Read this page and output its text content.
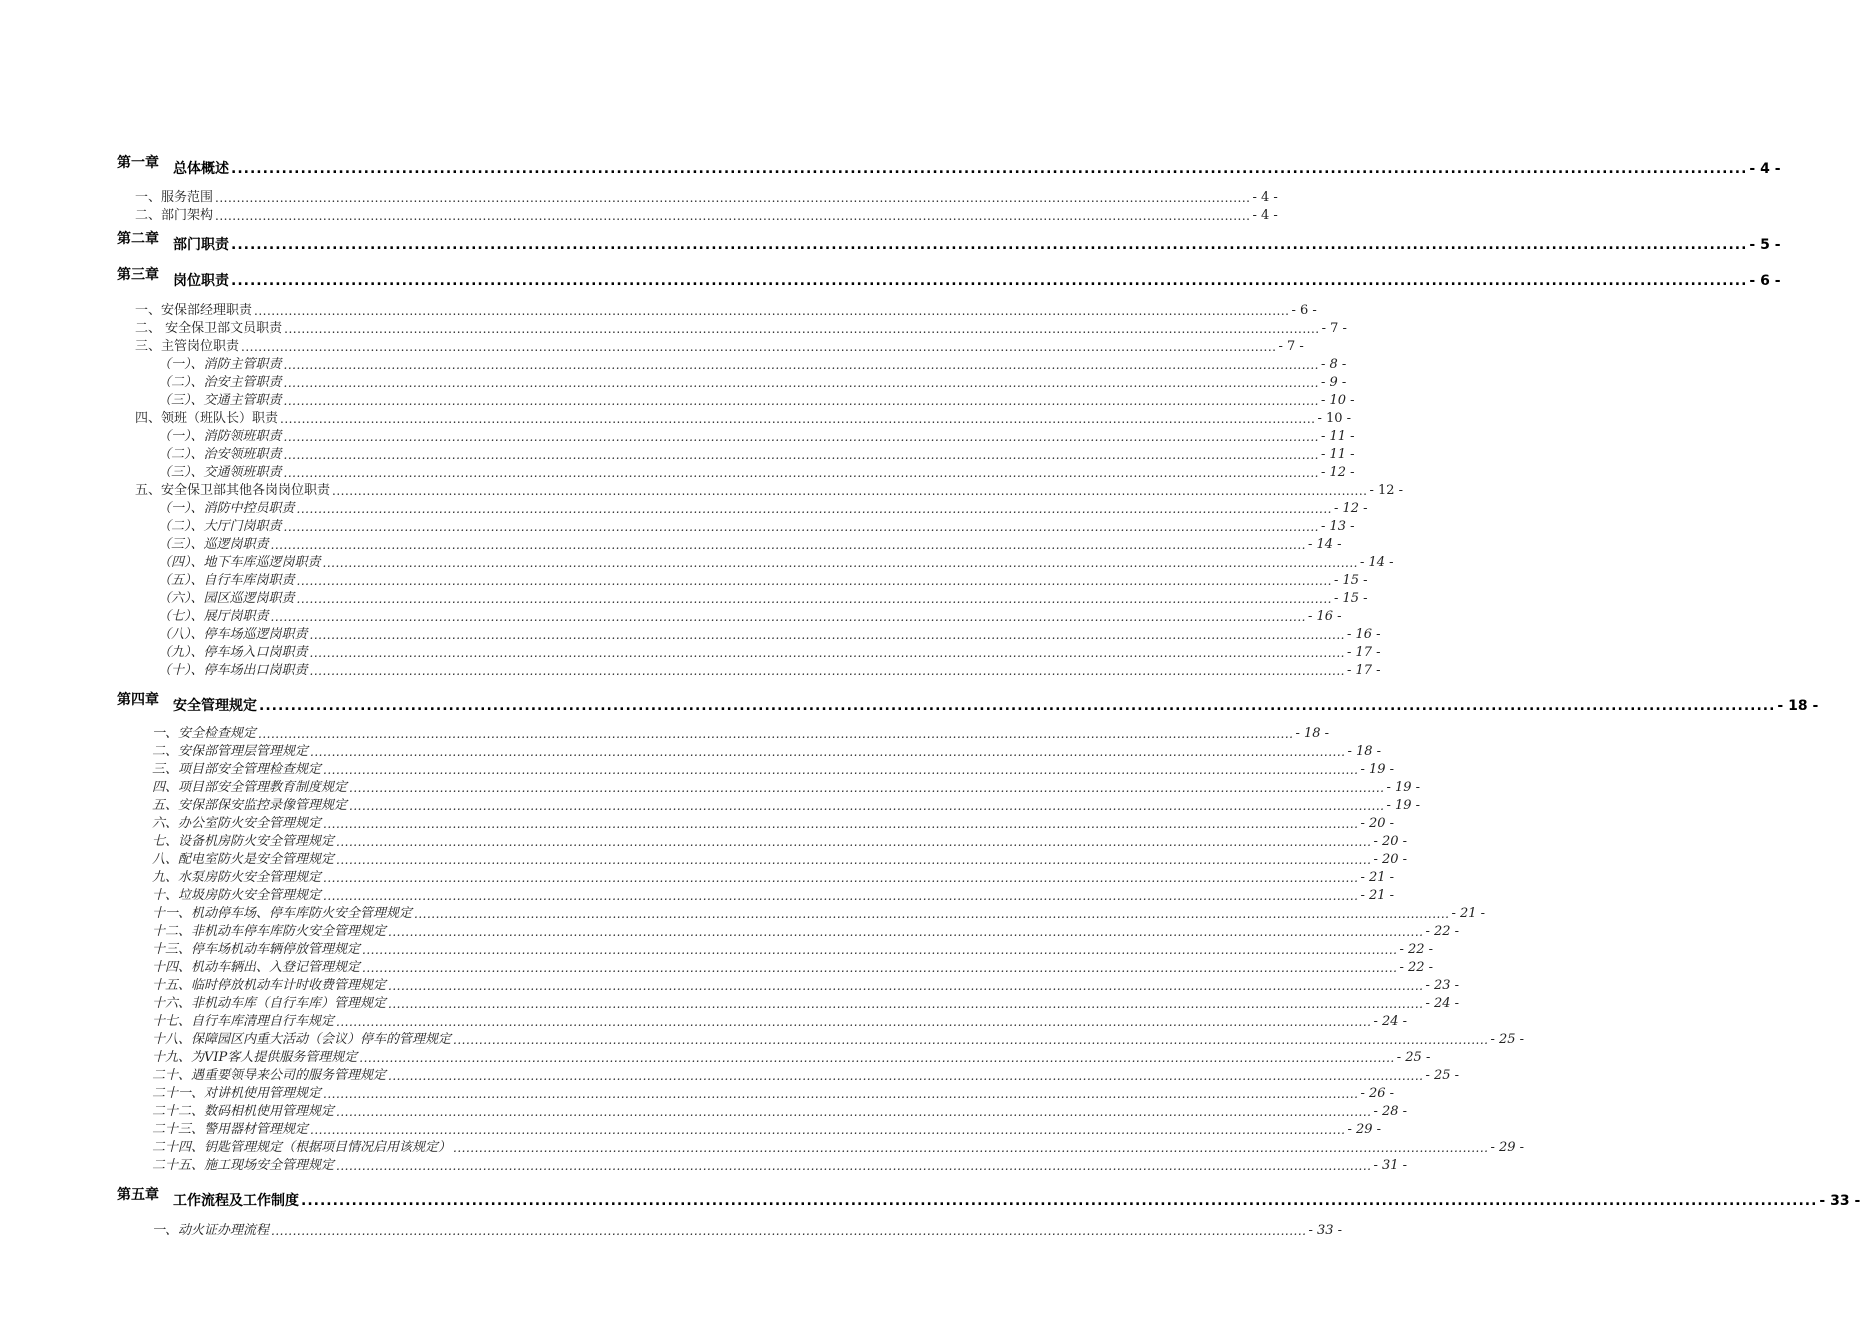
第一章 总体概述 ................................................................................................................................................................................................................................................ - 4 -
一、服务范围 ................................................................................................................................................................................................................................................ - 4 -
二、部门架构 ................................................................................................................................................................................................................................................ - 4 -
第二章 部门职责 ................................................................................................................................................................................................................................................ - 5 -
第三章 岗位职责 ................................................................................................................................................................................................................................................ - 6 -
一、安保部经理职责 ................................................................................................................................................................................................................................................ - 6 -
二、 安全保卫部文员职责 ................................................................................................................................................................................................................................................ - 7 -
三、主管岗位职责 ................................................................................................................................................................................................................................................ - 7 -
（一）、消防主管职责 ................................................................................................................................................................................................................................................ - 8 -
（二）、治安主管职责 ................................................................................................................................................................................................................................................ - 9 -
（三）、交通主管职责 ................................................................................................................................................................................................................................................ - 10 -
四、领班（班队长）职责 ................................................................................................................................................................................................................................................ - 10 -
（一）、消防领班职责 ................................................................................................................................................................................................................................................ - 11 -
（二）、治安领班职责 ................................................................................................................................................................................................................................................ - 11 -
（三）、交通领班职责 ................................................................................................................................................................................................................................................ - 12 -
五、安全保卫部其他各岗岗位职责 ................................................................................................................................................................................................................................................ - 12 -
（一）、消防中控员职责 ................................................................................................................................................................................................................................................ - 12 -
（二）、大厅门岗职责 ................................................................................................................................................................................................................................................ - 13 -
（三）、巡逻岗职责 ................................................................................................................................................................................................................................................ - 14 -
（四）、地下车库巡逻岗职责 ................................................................................................................................................................................................................................................ - 14 -
（五）、自行车库岗职责 ................................................................................................................................................................................................................................................ - 15 -
（六）、园区巡逻岗职责 ................................................................................................................................................................................................................................................ - 15 -
（七）、展厅岗职责 ................................................................................................................................................................................................................................................ - 16 -
（八）、停车场巡逻岗职责 ................................................................................................................................................................................................................................................ - 16 -
（九）、停车场入口岗职责 ................................................................................................................................................................................................................................................ - 17 -
（十）、停车场出口岗职责 ................................................................................................................................................................................................................................................ - 17 -
第四章 安全管理规定 ................................................................................................................................................................................................................................................ - 18 -
一、安全检查规定 ................................................................................................................................................................................................................................................ - 18 -
二、安保部管理层管理规定 ................................................................................................................................................................................................................................................ - 18 -
三、项目部安全管理检查规定 ................................................................................................................................................................................................................................................ - 19 -
四、项目部安全管理教育制度规定 ................................................................................................................................................................................................................................................ - 19 -
五、安保部保安监控录像管理规定 ................................................................................................................................................................................................................................................ - 19 -
六、办公室防火安全管理规定 ................................................................................................................................................................................................................................................ - 20 -
七、设备机房防火安全管理规定 ................................................................................................................................................................................................................................................ - 20 -
八、配电室防火是安全管理规定 ................................................................................................................................................................................................................................................ - 20 -
九、水泵房防火安全管理规定 ................................................................................................................................................................................................................................................ - 21 -
十、垃圾房防火安全管理规定 ................................................................................................................................................................................................................................................ - 21 -
十一、机动停车场、停车库防火安全管理规定 ................................................................................................................................................................................................................................................ - 21 -
十二、非机动车停车库防火安全管理规定 ................................................................................................................................................................................................................................................ - 22 -
十三、停车场机动车辆停放管理规定 ................................................................................................................................................................................................................................................ - 22 -
十四、机动车辆出、入登记管理规定 ................................................................................................................................................................................................................................................ - 22 -
十五、临时停放机动车计时收费管理规定 ................................................................................................................................................................................................................................................ - 23 -
十六、非机动车库（自行车库）管理规定 ................................................................................................................................................................................................................................................ - 24 -
十七、自行车库清理自行车规定 ................................................................................................................................................................................................................................................ - 24 -
十八、保障园区内重大活动（会议）停车的管理规定 ................................................................................................................................................................................................................................................ - 25 -
十九、为VIP客人提供服务管理规定 ................................................................................................................................................................................................................................................ - 25 -
二十、遇重要领导来公司的服务管理规定 ................................................................................................................................................................................................................................................ - 25 -
二十一、对讲机使用管理规定 ................................................................................................................................................................................................................................................ - 26 -
二十二、数码相机使用管理规定 ................................................................................................................................................................................................................................................ - 28 -
二十三、警用器材管理规定 ................................................................................................................................................................................................................................................ - 29 -
二十四、钥匙管理规定（根据项目情况启用该规定） ................................................................................................................................................................................................................................................ - 29 -
二十五、施工现场安全管理规定 ................................................................................................................................................................................................................................................ - 31 -
第五章 工作流程及工作制度 ................................................................................................................................................................................................................................................ - 33 -
一、动火证办理流程 ................................................................................................................................................................................................................................................ - 33 -
